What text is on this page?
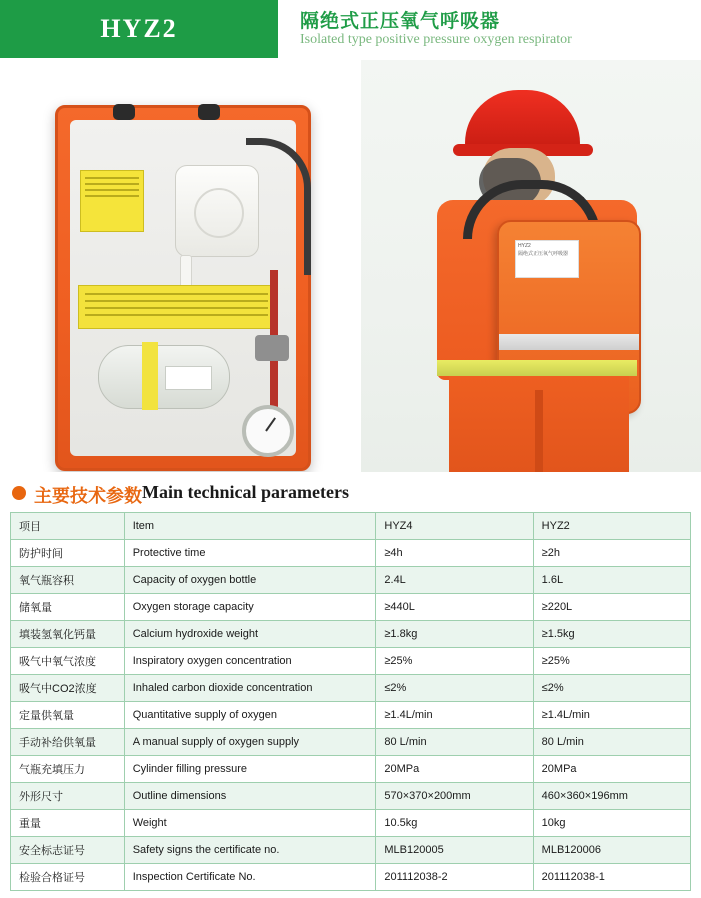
HYZ2	隔绝式正压氧气呼吸器
Isolated type positive pressure oxygen respirator
HYZ2
隔绝式正压氧气呼吸器
主要技术参数 Main technical parameters
项目	Item	HYZ4	HYZ2
防护时间	Protective time	≥4h	≥2h
氧气瓶容积	Capacity of oxygen bottle	2.4L	1.6L
储氧量	Oxygen storage capacity	≥440L	≥220L
填装氢氧化钙量	Calcium hydroxide weight	≥1.8kg	≥1.5kg
吸气中氧气浓度	Inspiratory oxygen concentration	≥25%	≥25%
吸气中CO2浓度	Inhaled carbon dioxide concentration	≤2%	≤2%
定量供氧量	Quantitative supply of oxygen	≥1.4L/min	≥1.4L/min
手动补给供氧量	A manual supply of oxygen supply	80 L/min	80 L/min
气瓶充填压力	Cylinder filling pressure	20MPa	20MPa
外形尺寸	Outline dimensions	570×370×200mm	460×360×196mm
重量	Weight	10.5kg	10kg
安全标志证号	Safety signs the certificate no.	MLB120005	MLB120006
检验合格证号	Inspection Certificate No.	201112038-2	201112038-1
